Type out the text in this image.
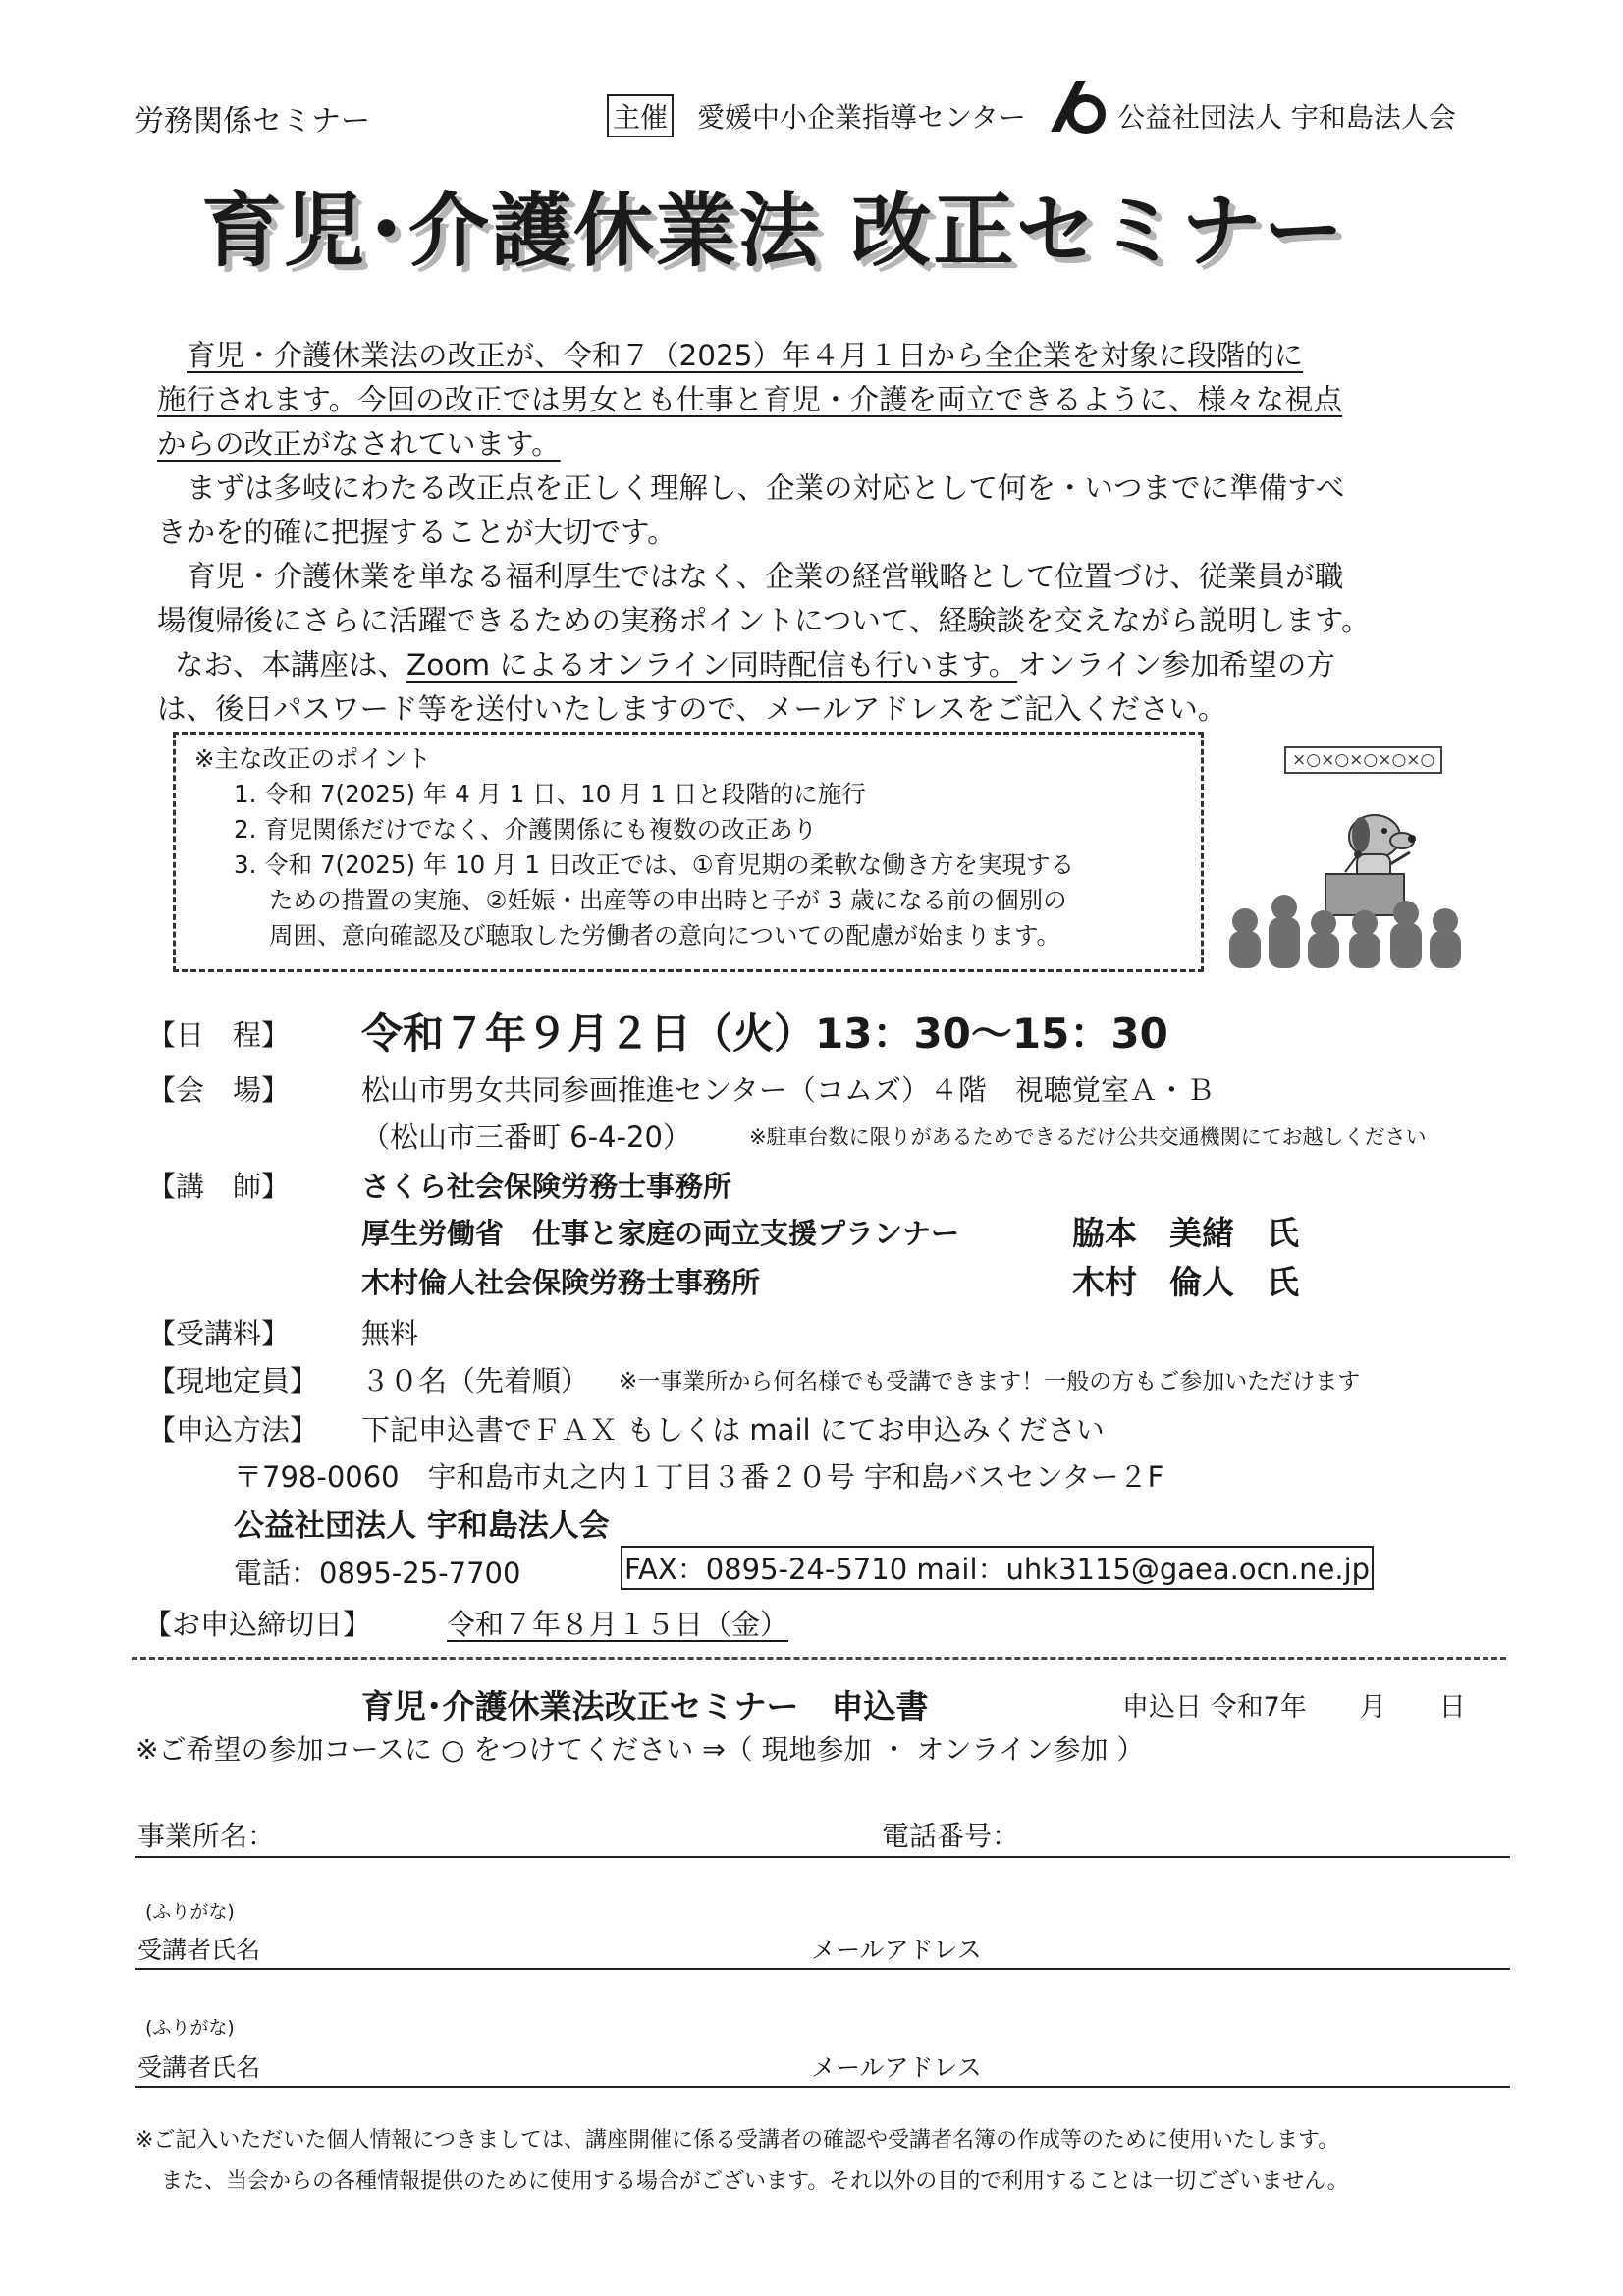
労務関係セミナー	主催 愛媛中小企業指導センター	公益社団法人 宇和島法人会
育児･介護休業法 改正セミナー
育児・介護休業法の改正が、令和７（2025）年４月１日から全企業を対象に段階的に
施行されます。今回の改正では男女とも仕事と育児・介護を両立できるように、様々な視点
からの改正がなされています。
まずは多岐にわたる改正点を正しく理解し、企業の対応として何を・いつまでに準備すべ
きかを的確に把握することが大切です。
育児・介護休業を単なる福利厚生ではなく、企業の経営戦略として位置づけ、従業員が職
場復帰後にさらに活躍できるための実務ポイントについて、経験談を交えながら説明します。
なお、本講座は、Zoom によるオンライン同時配信も行います。オンライン参加希望の方
は、後日パスワード等を送付いたしますので、メールアドレスをご記入ください。
※主な改正のポイント
1. 令和 7(2025) 年 4 月 1 日、10 月 1 日と段階的に施行
2. 育児関係だけでなく、介護関係にも複数の改正あり
3. 令和 7(2025) 年 10 月 1 日改正では、①育児期の柔軟な働き方を実現する
ための措置の実施、②妊娠・出産等の申出時と子が 3 歳になる前の個別の
周囲、意向確認及び聴取した労働者の意向についての配慮が始まります。
×○×○×○×○×○
【日　程】 令和７年９月２日（火）13：30〜15：30
【会　場】	松山市男女共同参画推進センター（コムズ）４階　視聴覚室Ａ・Ｂ
（松山市三番町 6-4-20）	※駐車台数に限りがあるためできるだけ公共交通機関にてお越しください
【講　師】	さくら社会保険労務士事務所
厚生労働省　仕事と家庭の両立支援プランナー	脇本　美緒　氏
木村倫人社会保険労務士事務所	木村　倫人　氏
【受講料】	無料
【現地定員】 ３０名（先着順） ※一事業所から何名様でも受講できます！一般の方もご参加いただけます
【申込方法】 下記申込書でＦＡＸ もしくは mail にてお申込みください
〒798-0060　宇和島市丸之内１丁目３番２０号 宇和島バスセンター２F
公益社団法人 宇和島法人会
電話：0895-25-7700	FAX：0895-24-5710 mail：uhk3115@gaea.ocn.ne.jp
【お申込締切日】	令和７年８月１５日（金）
育児･介護休業法改正セミナー　申込書	申込日 令和7年　　月　　日
※ご希望の参加コースに ○ をつけてください ⇒（ 現地参加 ・ オンライン参加 ）
事業所名：	電話番号：
(ふりがな)
受講者氏名	メールアドレス
(ふりがな)
受講者氏名	メールアドレス
※ご記入いただいた個人情報につきましては、講座開催に係る受講者の確認や受講者名簿の作成等のために使用いたします。
また、当会からの各種情報提供のために使用する場合がございます。それ以外の目的で利用することは一切ございません。
